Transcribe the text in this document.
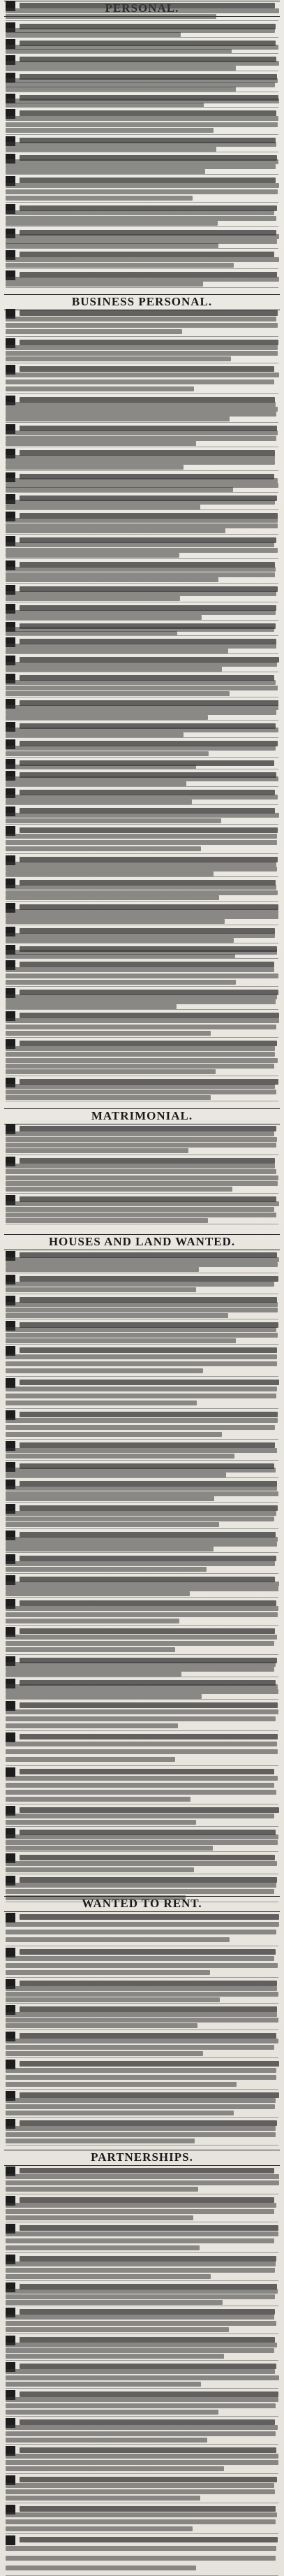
BUSINESS PERSONAL.
MATRIMONIAL.
HOUSES AND LAND WANTED.
WANTED TO RENT.
PARTNERSHIPS.
